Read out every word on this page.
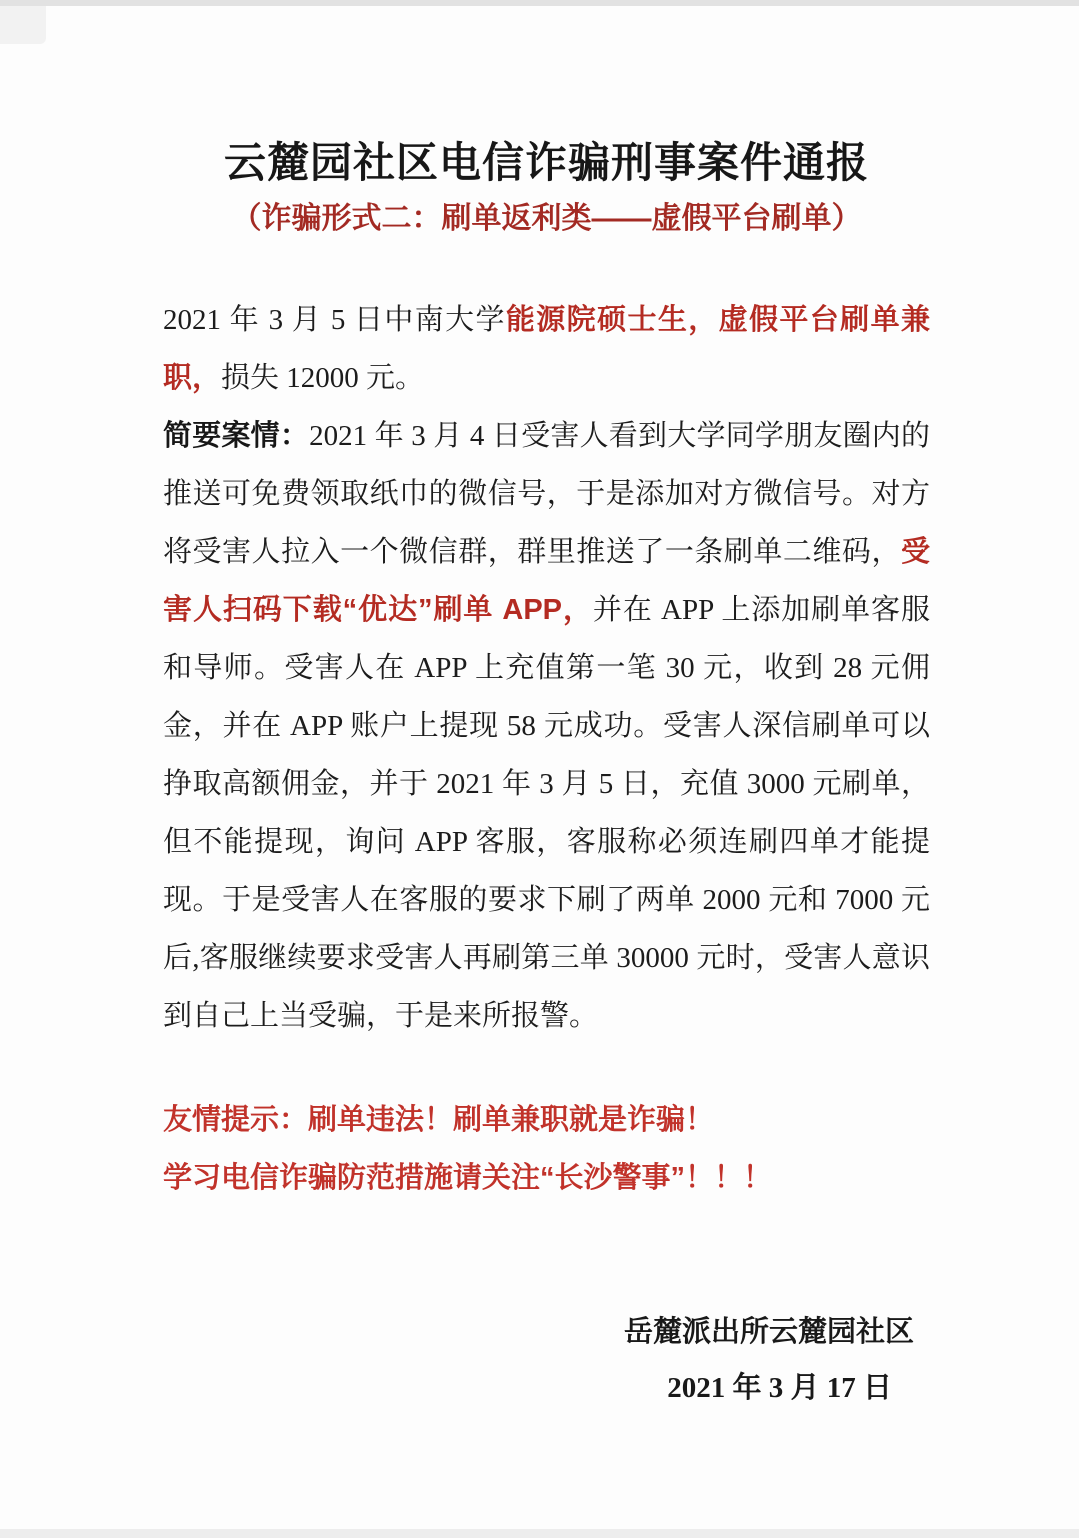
云麓园社区电信诈骗刑事案件通报
（诈骗形式二：刷单返利类——虚假平台刷单）

2021 年 3 月 5 日中南大学能源院硕士生，虚假平台刷单兼职，损失 12000 元。

简要案情：2021 年 3 月 4 日受害人看到大学同学朋友圈内的推送可免费领取纸巾的微信号，于是添加对方微信号。对方将受害人拉入一个微信群，群里推送了一条刷单二维码，受害人扫码下载“优达”刷单 APP，并在 APP 上添加刷单客服和导师。受害人在 APP 上充值第一笔 30 元，收到 28 元佣金，并在 APP 账户上提现 58 元成功。受害人深信刷单可以挣取高额佣金，并于 2021 年 3 月 5 日，充值 3000 元刷单，但不能提现，询问 APP 客服，客服称必须连刷四单才能提现。于是受害人在客服的要求下刷了两单 2000 元和 7000 元后,客服继续要求受害人再刷第三单 30000 元时，受害人意识到自己上当受骗，于是来所报警。

友情提示：刷单违法！刷单兼职就是诈骗！

学习电信诈骗防范措施请关注“长沙警事”！！！

岳麓派出所云麓园社区

2021 年 3 月 17 日
